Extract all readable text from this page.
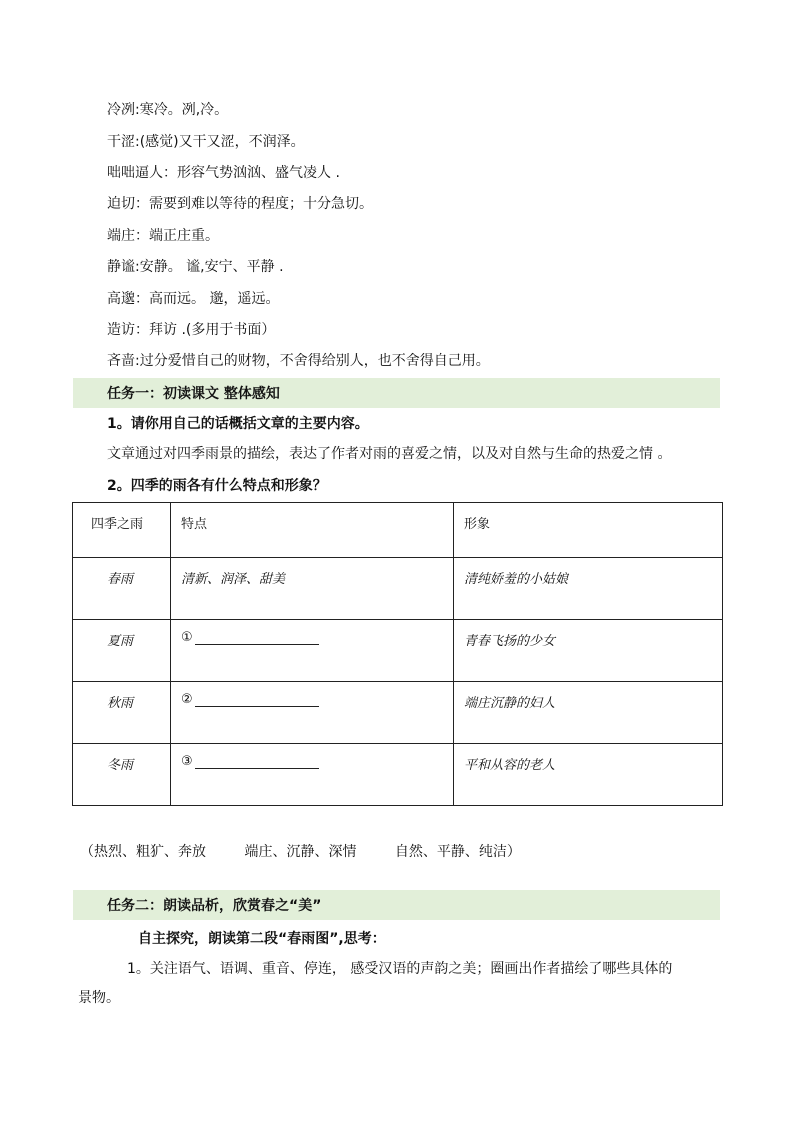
冷冽:寒冷。冽,冷。
干涩:(感觉)又干又涩，不润泽。
咄咄逼人：形容气势汹汹、盛气凌人 .
迫切：需要到难以等待的程度；十分急切。
端庄：端正庄重。
静谧:安静。 谧,安宁、平静 .
高邈：高而远。 邈，遥远。
造访：拜访 .(多用于书面）
吝啬:过分爱惜自己的财物，不舍得给别人，也不舍得自己用。
任务一：初读课文 整体感知
1。请你用自己的话概括文章的主要内容。
文章通过对四季雨景的描绘，表达了作者对雨的喜爱之情，以及对自然与生命的热爱之情 。
2。四季的雨各有什么特点和形象？
四季之雨	特点	形象

春雨	清新、润泽、甜美	清纯娇羞的小姑娘

夏雨	①	青春飞扬的少女

秋雨	②	端庄沉静的妇人

冬雨	③	平和从容的老人
（热烈、粗犷、奔放	端庄、沉静、深情	自然、平静、纯洁）
任务二：朗读品析，欣赏春之“美”
自主探究，朗读第二段“春雨图”,思考：
1。关注语气、语调、重音、停连， 感受汉语的声韵之美；圈画出作者描绘了哪些具体的
景物。
